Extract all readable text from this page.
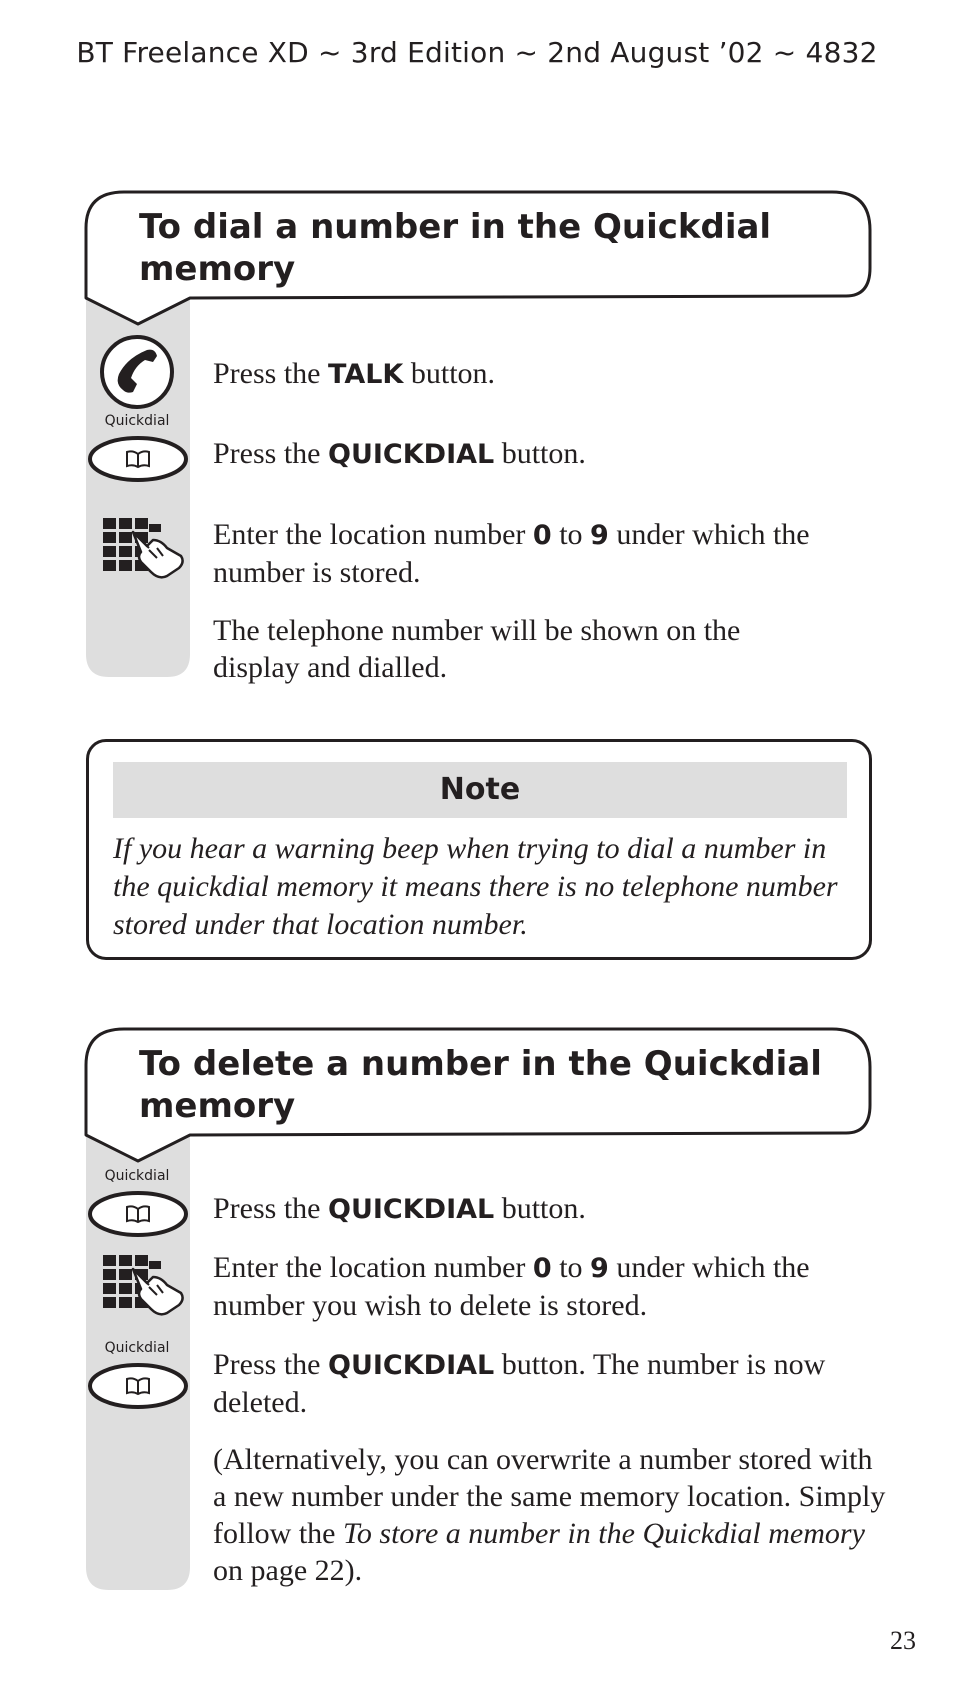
BT Freelance XD ~ 3rd Edition ~ 2nd August ’02 ~ 4832
To dial a number in the Quickdial
memory
Quickdial
Press the TALK button.
Press the QUICKDIAL button.
Enter the location number 0 to 9 under which the number is stored.
The telephone number will be shown on the display and dialled.
Note
If you hear a warning beep when trying to dial a number in the quickdial memory it means there is no telephone number stored under that location number.
To delete a number in the Quickdial
memory
Quickdial
Quickdial
Press the QUICKDIAL button.
Enter the location number 0 to 9 under which the number you wish to delete is stored.
Press the QUICKDIAL button. The number is now deleted.
(Alternatively, you can overwrite a number stored with a new number under the same memory location. Simply follow the To store a number in the Quickdial memory on page 22).
23
